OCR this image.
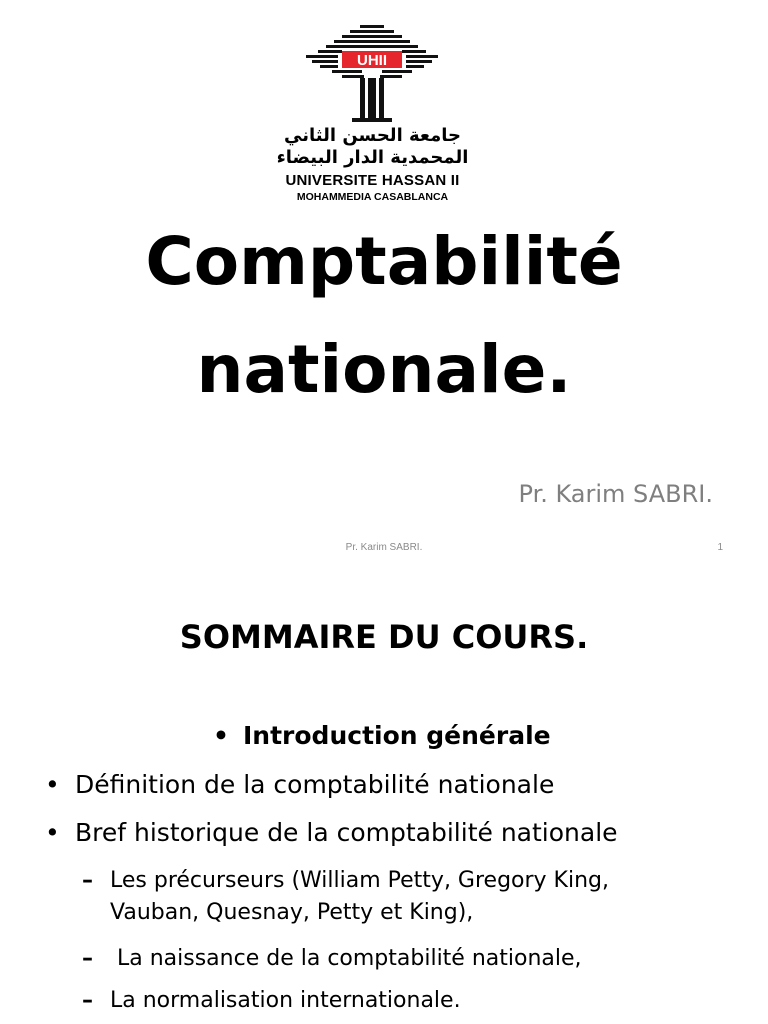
UHII
جامعة الحسن الثاني
المحمدية الدار البيضاء
UNIVERSITE HASSAN II
MOHAMMEDIA CASABLANCA
Comptabilité
nationale.
Pr. Karim SABRI.
Pr. Karim SABRI.	1
SOMMAIRE DU COURS.
• Introduction générale
• Définition de la comptabilité nationale
• Bref historique de la comptabilité nationale
– Les précurseurs (William Petty, Gregory King,
Vauban, Quesnay, Petty et King),
– La naissance de la comptabilité nationale,
– La normalisation internationale.
